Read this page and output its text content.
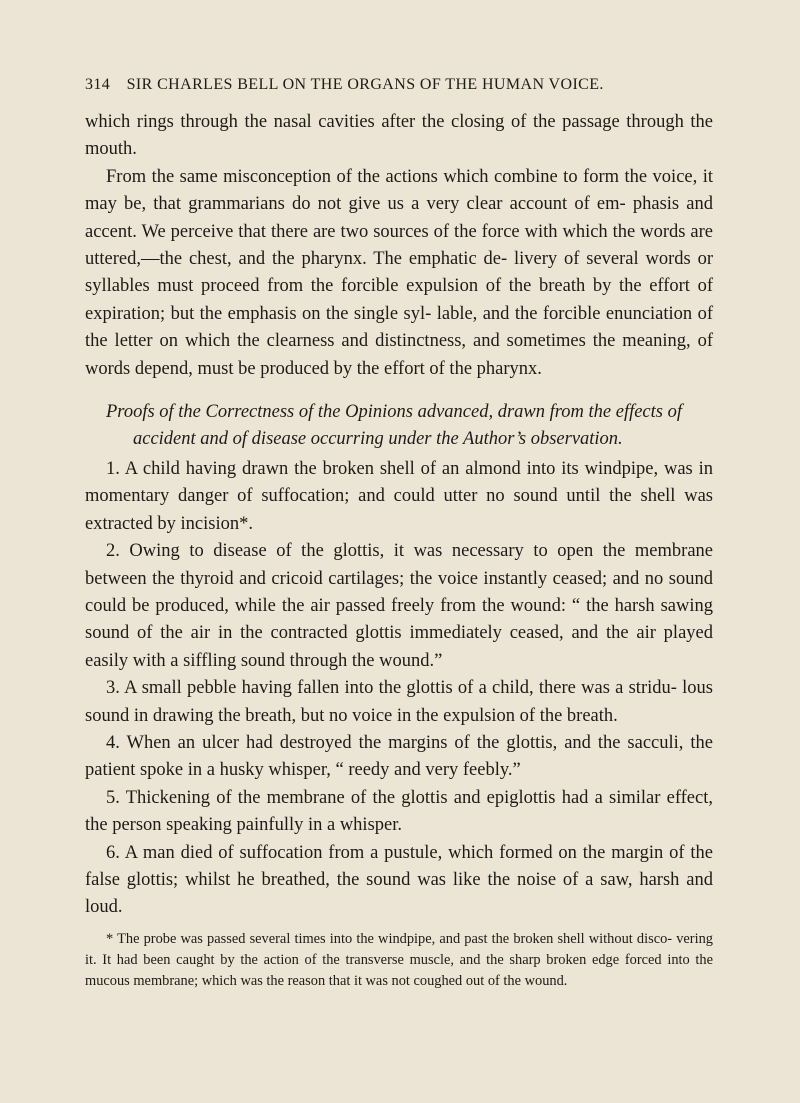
314 SIR CHARLES BELL ON THE ORGANS OF THE HUMAN VOICE.

which rings through the nasal cavities after the closing of the passage through the mouth.

From the same misconception of the actions which combine to form the voice, it may be, that grammarians do not give us a very clear account of em- phasis and accent. We perceive that there are two sources of the force with which the words are uttered,—the chest, and the pharynx. The emphatic de- livery of several words or syllables must proceed from the forcible expulsion of the breath by the effort of expiration; but the emphasis on the single syl- lable, and the forcible enunciation of the letter on which the clearness and distinctness, and sometimes the meaning, of words depend, must be produced by the effort of the pharynx.

Proofs of the Correctness of the Opinions advanced, drawn from the effects of accident and of disease occurring under the Author’s observation.

1. A child having drawn the broken shell of an almond into its windpipe, was in momentary danger of suffocation; and could utter no sound until the shell was extracted by incision*.

2. Owing to disease of the glottis, it was necessary to open the membrane between the thyroid and cricoid cartilages; the voice instantly ceased; and no sound could be produced, while the air passed freely from the wound: “ the harsh sawing sound of the air in the contracted glottis immediately ceased, and the air played easily with a siffling sound through the wound.”

3. A small pebble having fallen into the glottis of a child, there was a stridu- lous sound in drawing the breath, but no voice in the expulsion of the breath.

4. When an ulcer had destroyed the margins of the glottis, and the sacculi, the patient spoke in a husky whisper, “ reedy and very feebly.”

5. Thickening of the membrane of the glottis and epiglottis had a similar effect, the person speaking painfully in a whisper.

6. A man died of suffocation from a pustule, which formed on the margin of the false glottis; whilst he breathed, the sound was like the noise of a saw, harsh and loud.

* The probe was passed several times into the windpipe, and past the broken shell without disco- vering it. It had been caught by the action of the transverse muscle, and the sharp broken edge forced into the mucous membrane; which was the reason that it was not coughed out of the wound.
